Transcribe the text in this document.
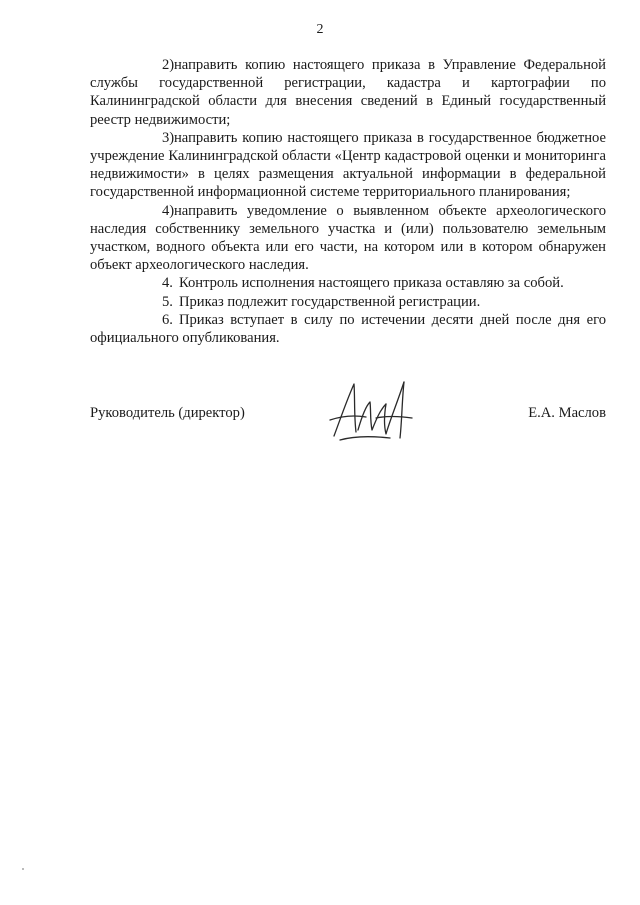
2

2)направить копию настоящего приказа в Управление Федеральной службы государственной регистрации, кадастра и картографии по Калининградской области для внесения сведений в Единый государственный реестр недвижимости;

3)направить копию настоящего приказа в государственное бюджетное учреждение Калининградской области «Центр кадастровой оценки и мониторинга недвижимости» в целях размещения актуальной информации в федеральной государственной информационной системе территориального планирования;

4)направить уведомление о выявленном объекте археологического наследия собственнику земельного участка и (или) пользователю земельным участком, водного объекта или его части, на котором или в котором обнаружен объект археологического наследия.

4. Контроль исполнения настоящего приказа оставляю за собой.

5. Приказ подлежит государственной регистрации.

6. Приказ вступает в силу по истечении десяти дней после дня его официального опубликования.

Руководитель (директор)	Е.А. Маслов
